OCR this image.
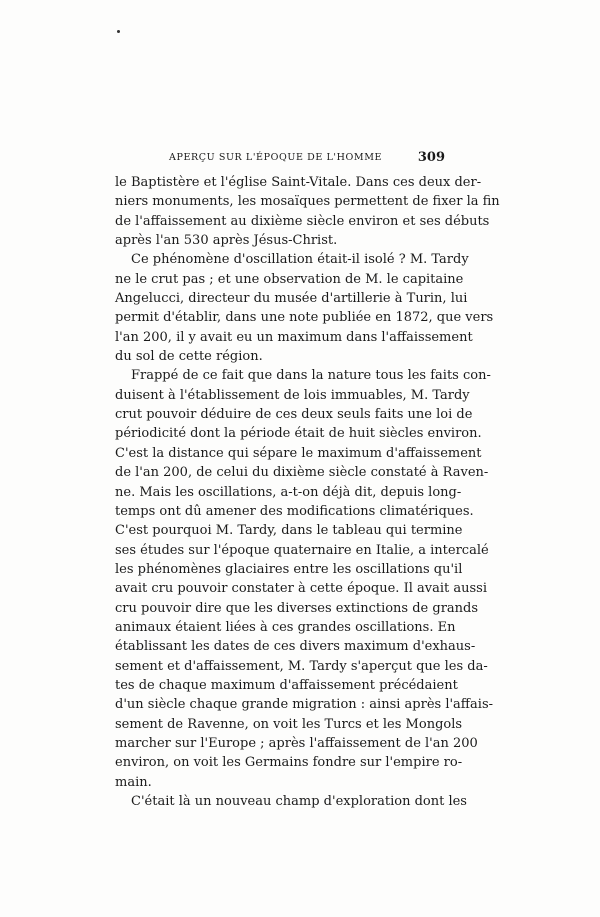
APERÇU SUR L'ÉPOQUE DE L'HOMME	309

le Baptistère et l'église Saint-Vitale. Dans ces deux der-
niers monuments, les mosaïques permettent de fixer la fin
de l'affaissement au dixième siècle environ et ses débuts
après l'an 530 après Jésus-Christ.

Ce phénomène d'oscillation était-il isolé ? M. Tardy
ne le crut pas ; et une observation de M. le capitaine
Angelucci, directeur du musée d'artillerie à Turin, lui
permit d'établir, dans une note publiée en 1872, que vers
l'an 200, il y avait eu un maximum dans l'affaissement
du sol de cette région.

Frappé de ce fait que dans la nature tous les faits con-
duisent à l'établissement de lois immuables, M. Tardy
crut pouvoir déduire de ces deux seuls faits une loi de
périodicité dont la période était de huit siècles environ.
C'est la distance qui sépare le maximum d'affaissement
de l'an 200, de celui du dixième siècle constaté à Raven-
ne. Mais les oscillations, a-t-on déjà dit, depuis long-
temps ont dû amener des modifications climatériques.
C'est pourquoi M. Tardy, dans le tableau qui termine
ses études sur l'époque quaternaire en Italie, a intercalé
les phénomènes glaciaires entre les oscillations qu'il
avait cru pouvoir constater à cette époque. Il avait aussi
cru pouvoir dire que les diverses extinctions de grands
animaux étaient liées à ces grandes oscillations. En
établissant les dates de ces divers maximum d'exhaus-
sement et d'affaissement, M. Tardy s'aperçut que les da-
tes de chaque maximum d'affaissement précédaient
d'un siècle chaque grande migration : ainsi après l'affais-
sement de Ravenne, on voit les Turcs et les Mongols
marcher sur l'Europe ; après l'affaissement de l'an 200
environ, on voit les Germains fondre sur l'empire ro-
main.

C'était là un nouveau champ d'exploration dont les
